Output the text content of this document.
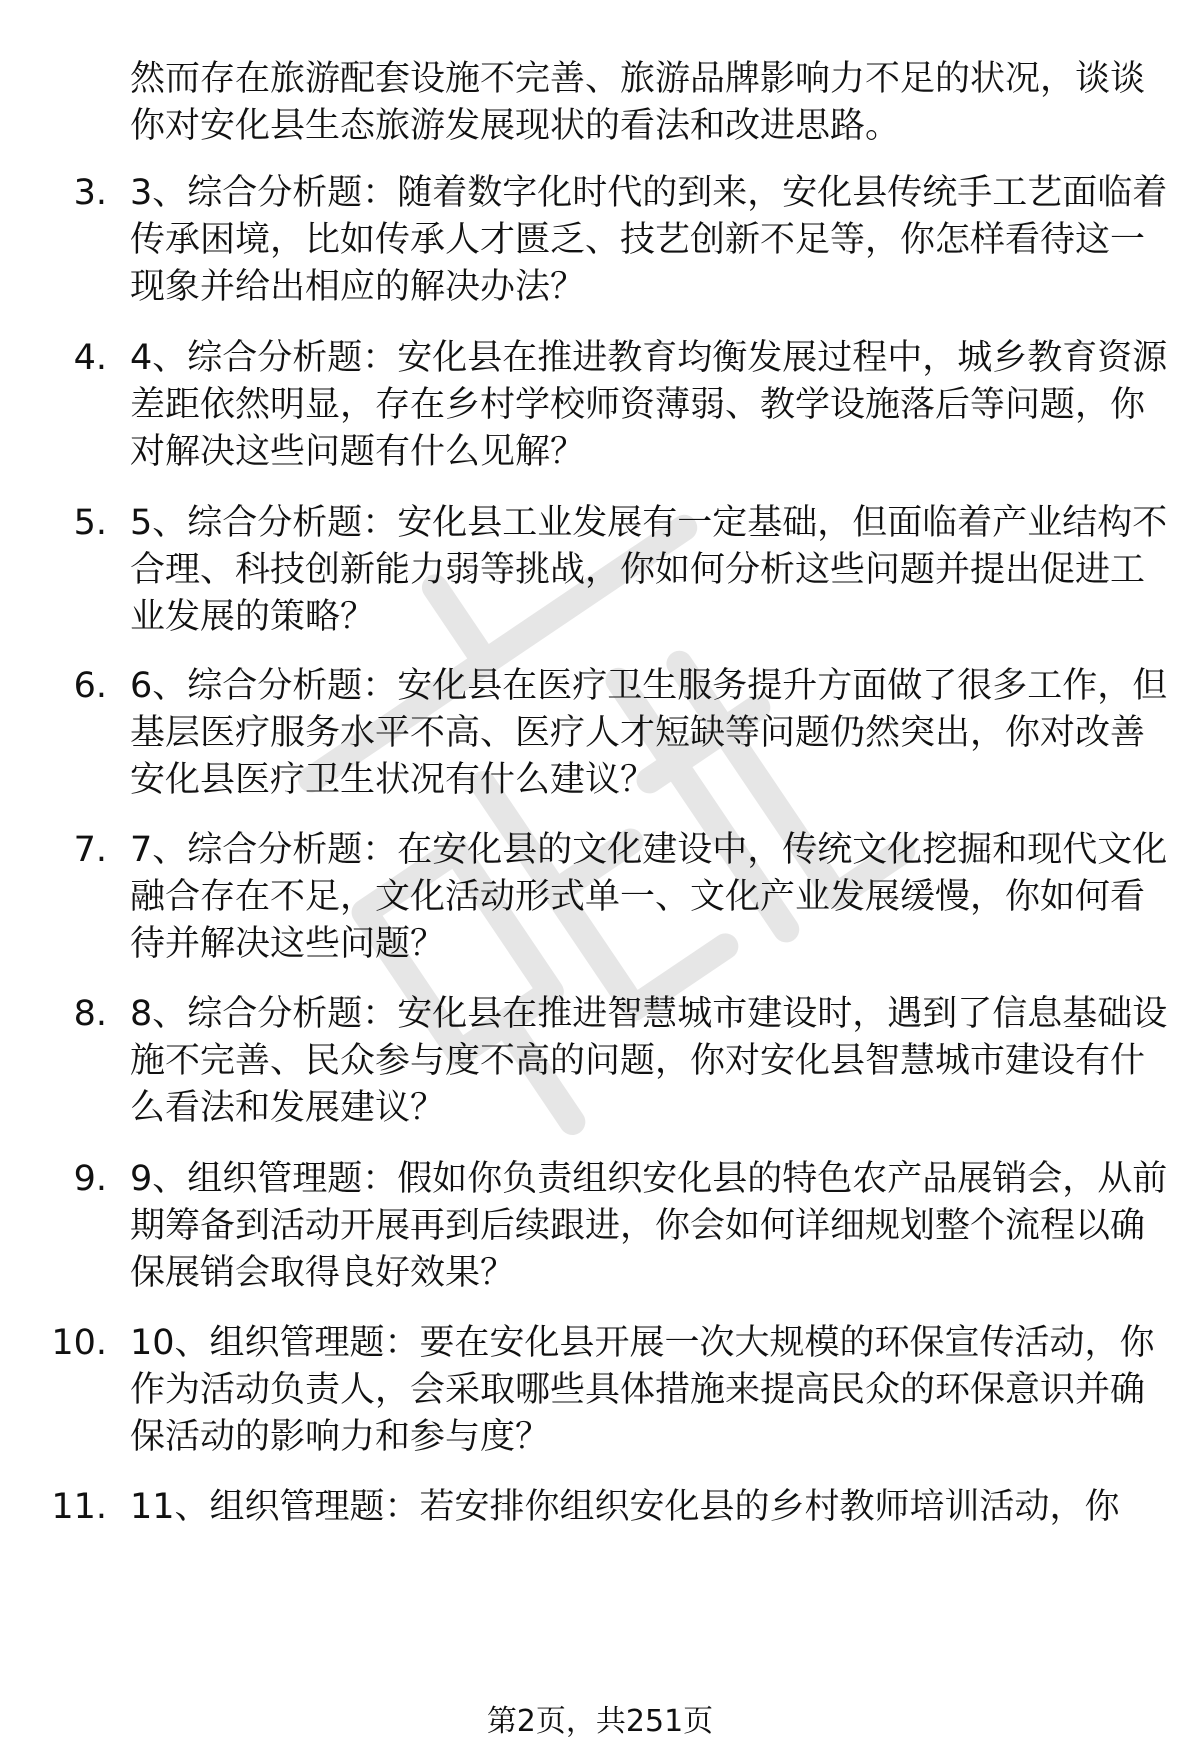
然而存在旅游配套设施不完善、旅游品牌影响力不足的状况，谈谈你对安化县生态旅游发展现状的看法和改进思路。
3. 3、综合分析题：随着数字化时代的到来，安化县传统手工艺面临着传承困境，比如传承人才匮乏、技艺创新不足等，你怎样看待这一现象并给出相应的解决办法？
4. 4、综合分析题：安化县在推进教育均衡发展过程中，城乡教育资源差距依然明显，存在乡村学校师资薄弱、教学设施落后等问题，你对解决这些问题有什么见解？
5. 5、综合分析题：安化县工业发展有一定基础，但面临着产业结构不合理、科技创新能力弱等挑战，你如何分析这些问题并提出促进工业发展的策略？
6. 6、综合分析题：安化县在医疗卫生服务提升方面做了很多工作，但基层医疗服务水平不高、医疗人才短缺等问题仍然突出，你对改善安化县医疗卫生状况有什么建议？
7. 7、综合分析题：在安化县的文化建设中，传统文化挖掘和现代文化融合存在不足，文化活动形式单一、文化产业发展缓慢，你如何看待并解决这些问题？
8. 8、综合分析题：安化县在推进智慧城市建设时，遇到了信息基础设施不完善、民众参与度不高的问题，你对安化县智慧城市建设有什么看法和发展建议？
9. 9、组织管理题：假如你负责组织安化县的特色农产品展销会，从前期筹备到活动开展再到后续跟进，你会如何详细规划整个流程以确保展销会取得良好效果？
10. 10、组织管理题：要在安化县开展一次大规模的环保宣传活动，你作为活动负责人，会采取哪些具体措施来提高民众的环保意识并确保活动的影响力和参与度？
11. 11、组织管理题：若安排你组织安化县的乡村教师培训活动，你
第2页，共251页
